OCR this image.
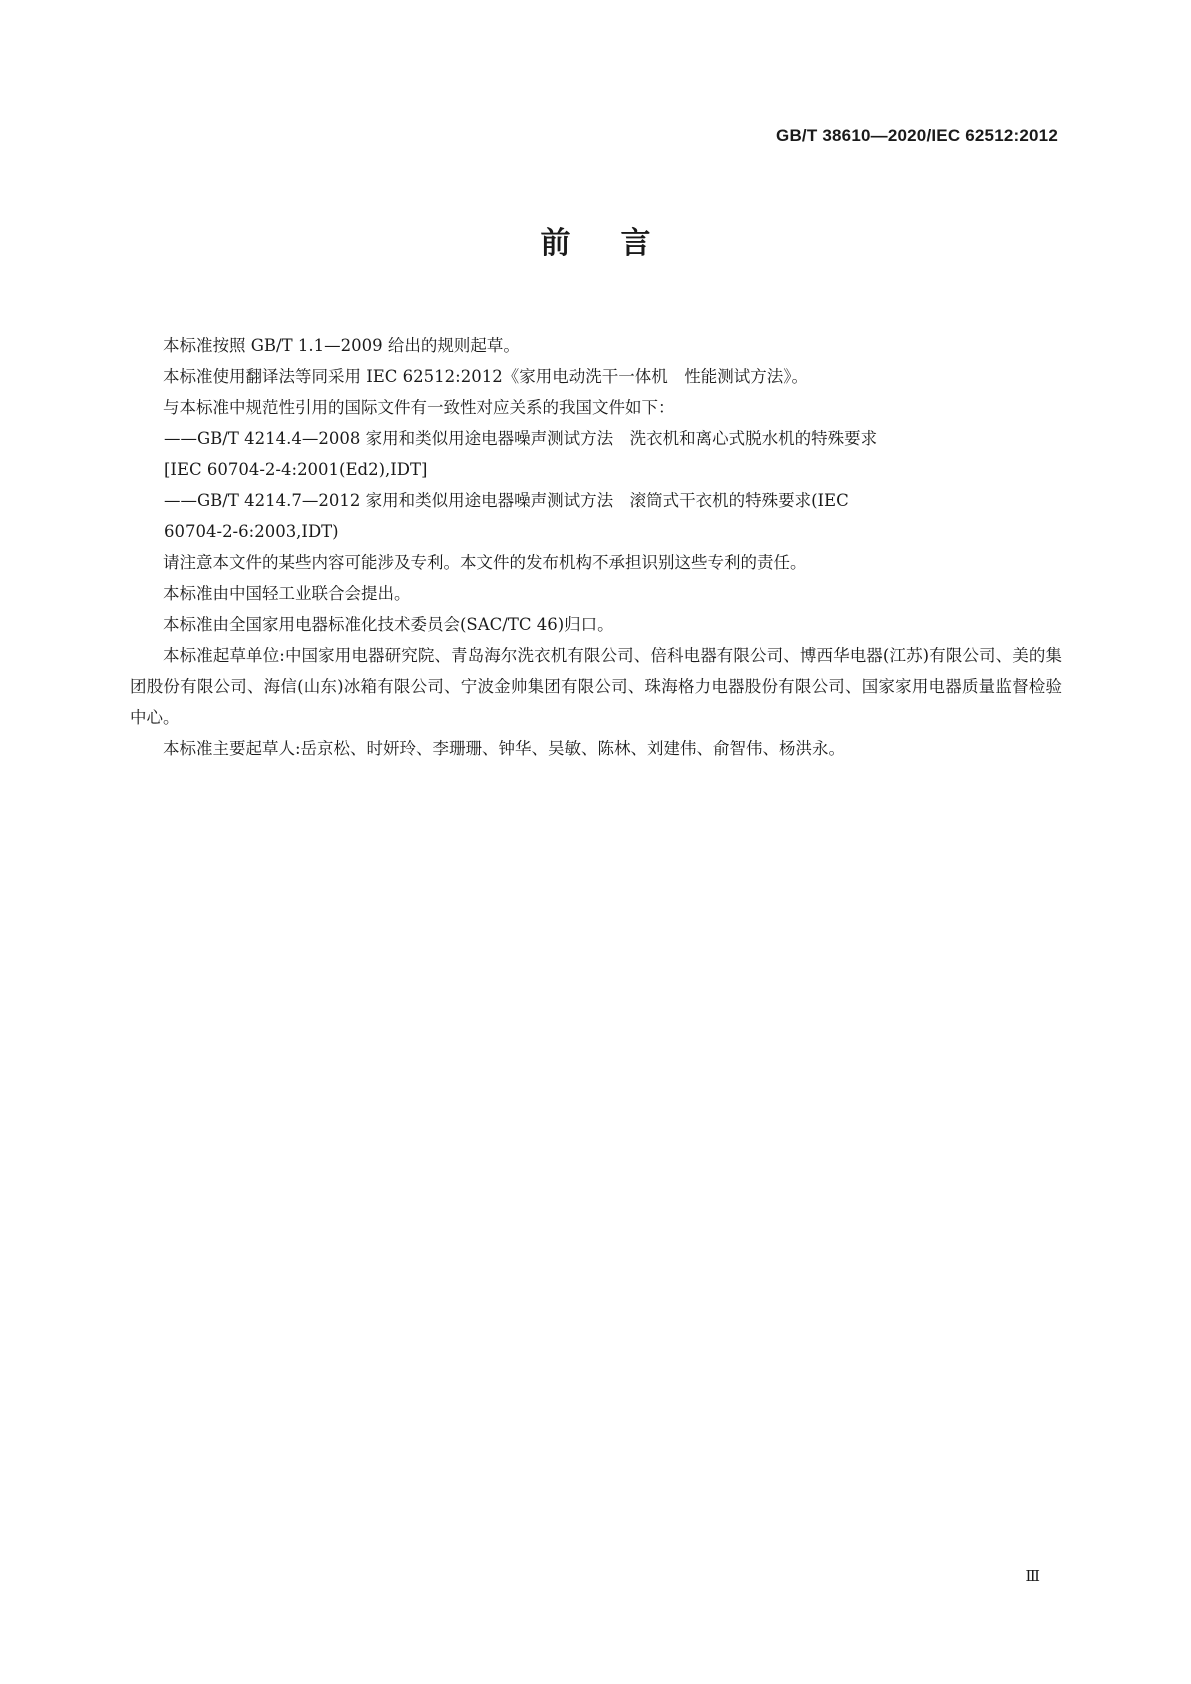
GB/T 38610—2020/IEC 62512:2012
前言

本标准按照 GB/T 1.1—2009 给出的规则起草。

本标准使用翻译法等同采用 IEC 62512:2012《家用电动洗干一体机　性能测试方法》。

与本标准中规范性引用的国际文件有一致性对应关系的我国文件如下：

——GB/T 4214.4—2008 家用和类似用途电器噪声测试方法　洗衣机和离心式脱水机的特殊要求
[IEC 60704-2-4:2001(Ed2),IDT]

——GB/T 4214.7—2012 家用和类似用途电器噪声测试方法　滚筒式干衣机的特殊要求(IEC
60704-2-6:2003,IDT)

请注意本文件的某些内容可能涉及专利。本文件的发布机构不承担识别这些专利的责任。

本标准由中国轻工业联合会提出。

本标准由全国家用电器标准化技术委员会(SAC/TC 46)归口。

本标准起草单位:中国家用电器研究院、青岛海尔洗衣机有限公司、倍科电器有限公司、博西华电器(江苏)有限公司、美的集团股份有限公司、海信(山东)冰箱有限公司、宁波金帅集团有限公司、珠海格力电器股份有限公司、国家家用电器质量监督检验中心。

本标准主要起草人:岳京松、时妍玲、李珊珊、钟华、吴敏、陈林、刘建伟、俞智伟、杨洪永。

Ⅲ
